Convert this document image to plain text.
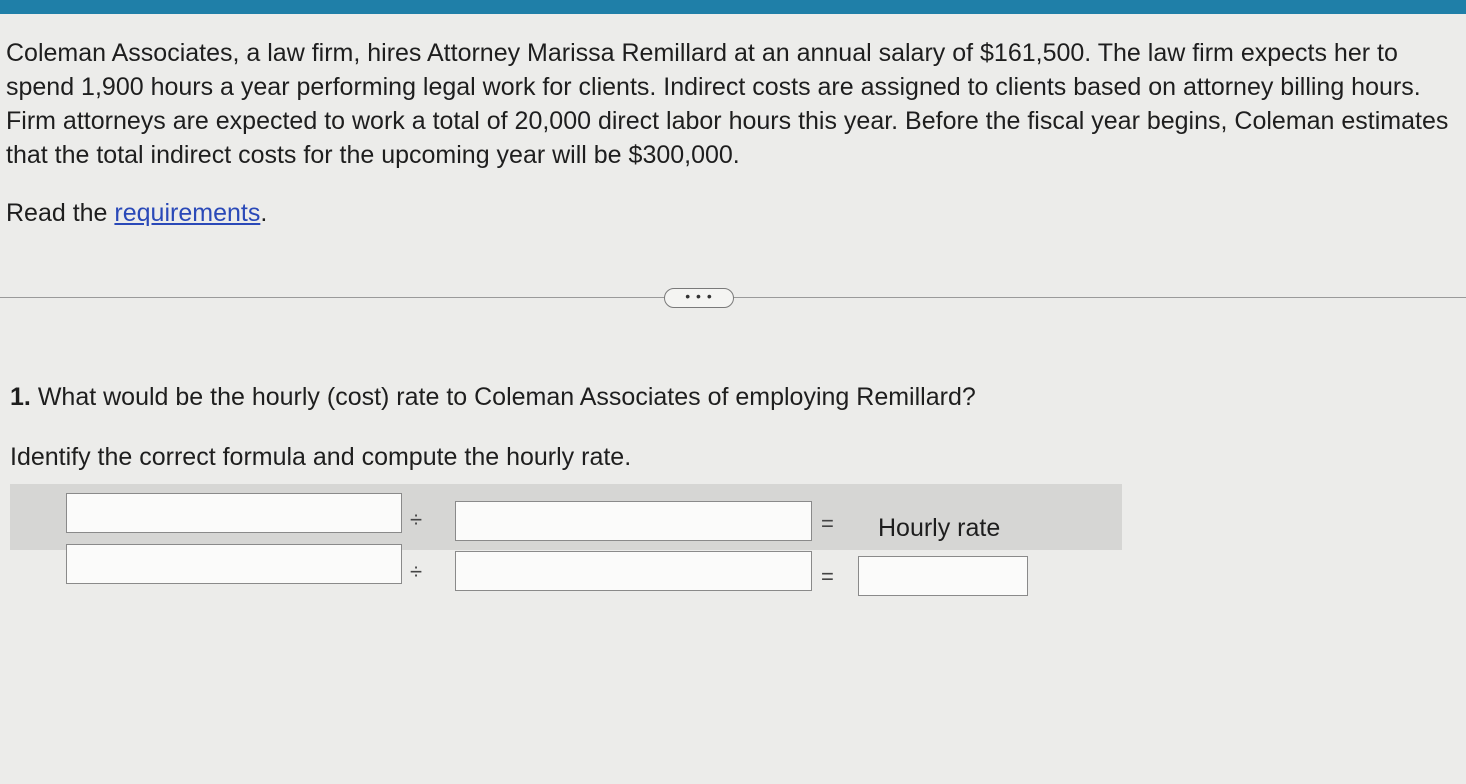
Coleman Associates, a law firm, hires Attorney Marissa Remillard at an annual salary of $161,500. The law firm expects her to spend 1,900 hours a year performing legal work for clients. Indirect costs are assigned to clients based on attorney billing hours. Firm attorneys are expected to work a total of 20,000 direct labor hours this year. Before the fiscal year begins, Coleman estimates that the total indirect costs for the upcoming year will be $300,000.

Read the requirements.

• • •

1. What would be the hourly (cost) rate to Coleman Associates of employing Remillard?

Identify the correct formula and compute the hourly rate.

÷	= Hourly rate
÷	=
